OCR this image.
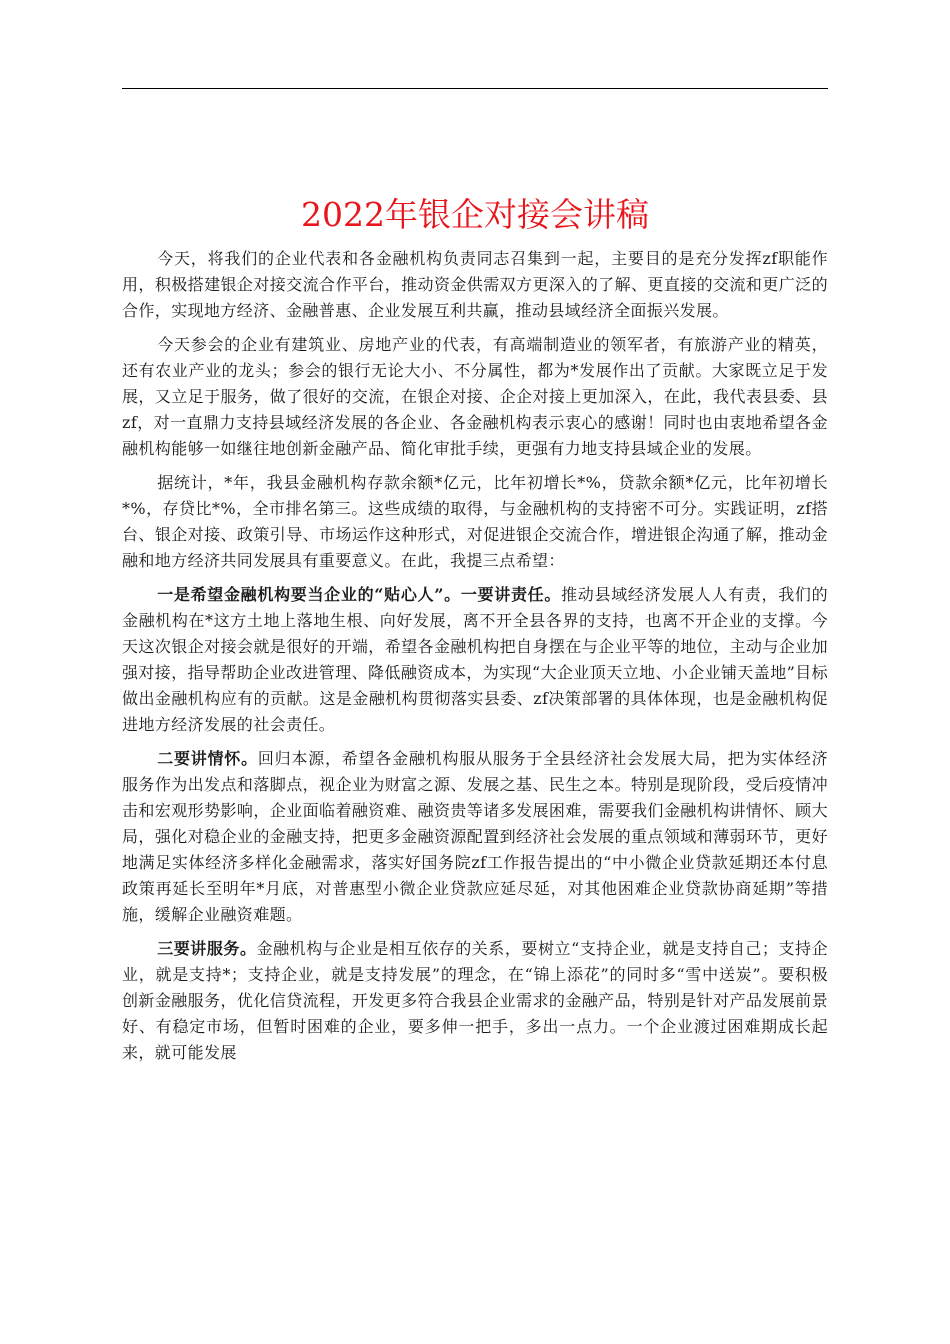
2022年银企对接会讲稿

今天，将我们的企业代表和各金融机构负责同志召集到一起，主要目的是充分发挥zf职能作用，积极搭建银企对接交流合作平台，推动资金供需双方更深入的了解、更直接的交流和更广泛的合作，实现地方经济、金融普惠、企业发展互利共赢，推动县域经济全面振兴发展。

今天参会的企业有建筑业、房地产业的代表，有高端制造业的领军者，有旅游产业的精英，还有农业产业的龙头；参会的银行无论大小、不分属性，都为*发展作出了贡献。大家既立足于发展，又立足于服务，做了很好的交流，在银企对接、企企对接上更加深入，在此，我代表县委、县zf，对一直鼎力支持县域经济发展的各企业、各金融机构表示衷心的感谢！同时也由衷地希望各金融机构能够一如继往地创新金融产品、简化审批手续，更强有力地支持县域企业的发展。

据统计，*年，我县金融机构存款余额*亿元，比年初增长*%，贷款余额*亿元，比年初增长*%，存贷比*%，全市排名第三。这些成绩的取得，与金融机构的支持密不可分。实践证明，zf搭台、银企对接、政策引导、市场运作这种形式，对促进银企交流合作，增进银企沟通了解，推动金融和地方经济共同发展具有重要意义。在此，我提三点希望：

一是希望金融机构要当企业的“贴心人”。一要讲责任。推动县域经济发展人人有责，我们的金融机构在*这方土地上落地生根、向好发展，离不开全县各界的支持，也离不开企业的支撑。今天这次银企对接会就是很好的开端，希望各金融机构把自身摆在与企业平等的地位，主动与企业加强对接，指导帮助企业改进管理、降低融资成本，为实现“大企业顶天立地、小企业铺天盖地”目标做出金融机构应有的贡献。这是金融机构贯彻落实县委、zf决策部署的具体体现，也是金融机构促进地方经济发展的社会责任。

二要讲情怀。回归本源，希望各金融机构服从服务于全县经济社会发展大局，把为实体经济服务作为出发点和落脚点，视企业为财富之源、发展之基、民生之本。特别是现阶段，受后疫情冲击和宏观形势影响，企业面临着融资难、融资贵等诸多发展困难，需要我们金融机构讲情怀、顾大局，强化对稳企业的金融支持，把更多金融资源配置到经济社会发展的重点领域和薄弱环节，更好地满足实体经济多样化金融需求，落实好国务院zf工作报告提出的“中小微企业贷款延期还本付息政策再延长至明年*月底，对普惠型小微企业贷款应延尽延，对其他困难企业贷款协商延期”等措施，缓解企业融资难题。

三要讲服务。金融机构与企业是相互依存的关系，要树立“支持企业，就是支持自己；支持企业，就是支持*；支持企业，就是支持发展”的理念，在“锦上添花”的同时多“雪中送炭”。要积极创新金融服务，优化信贷流程，开发更多符合我县企业需求的金融产品，特别是针对产品发展前景好、有稳定市场，但暂时困难的企业，要多伸一把手，多出一点力。一个企业渡过困难期成长起来，就可能发展
